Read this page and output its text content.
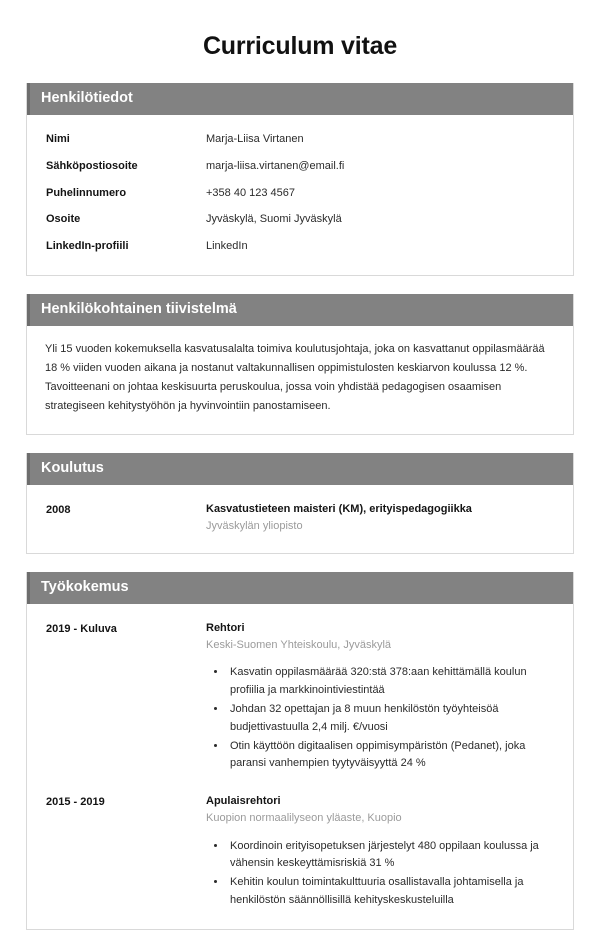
Curriculum vitae
Henkilötiedot
Nimi	Marja-Liisa Virtanen
Sähköpostiosoite	marja-liisa.virtanen@email.fi
Puhelinnumero	+358 40 123 4567
Osoite	Jyväskylä, Suomi Jyväskylä
LinkedIn-profiili	LinkedIn
Henkilökohtainen tiivistelmä

Yli 15 vuoden kokemuksella kasvatusalalta toimiva koulutusjohtaja, joka on kasvattanut oppilasmäärää 18 % viiden vuoden aikana ja nostanut valtakunnallisen oppimistulosten keskiarvon koulussa 12 %. Tavoitteenani on johtaa keskisuurta peruskoulua, jossa voin yhdistää pedagogisen osaamisen strategiseen kehitystyöhön ja hyvinvointiin panostamiseen.

Koulutus
2008	Kasvatustieteen maisteri (KM), erityispedagogiikka
Jyväskylän yliopisto
Työkokemus
2019 - Kuluva	Rehtori
Keski-Suomen Yhteiskoulu, Jyväskylä
• Kasvatin oppilasmäärää 320:stä 378:aan kehittämällä koulun profiilia ja markkinointiviestintää
• Johdan 32 opettajan ja 8 muun henkilöstön työyhteisöä budjettivastuulla 2,4 milj. €/vuosi
• Otin käyttöön digitaalisen oppimisympäristön (Pedanet), joka paransi vanhempien tyytyväisyyttä 24 %
2015 - 2019	Apulaisrehtori
Kuopion normaalilyseon yläaste, Kuopio
• Koordinoin erityisopetuksen järjestelyt 480 oppilaan koulussa ja vähensin keskeyttämisriskiä 31 %
• Kehitin koulun toimintakulttuuria osallistavalla johtamisella ja henkilöstön säännöllisillä kehityskeskusteluilla
